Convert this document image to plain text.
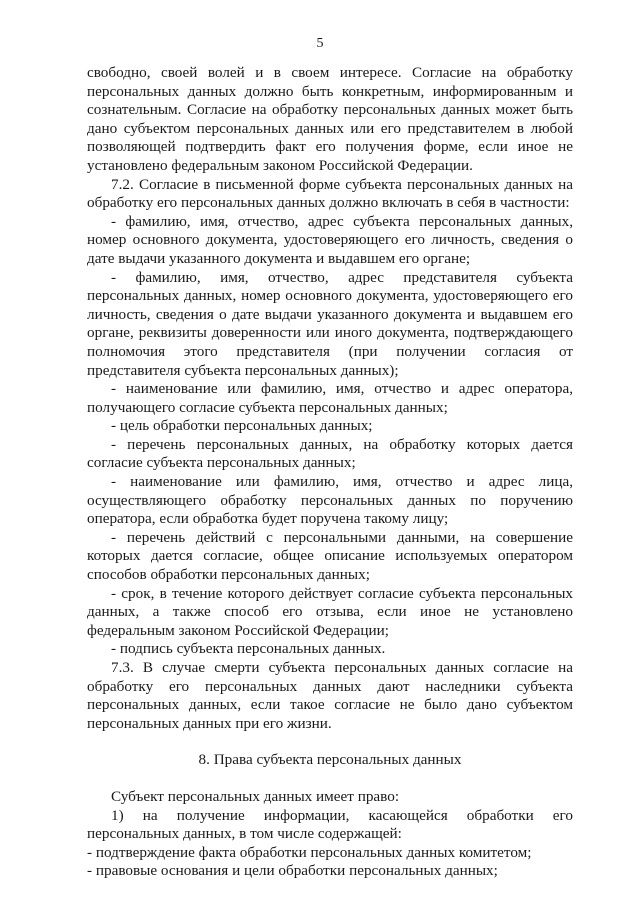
5

свободно, своей волей и в своем интересе. Согласие на обработку персональных данных должно быть конкретным, информированным и сознательным. Согласие на обработку персональных данных может быть дано субъектом персональных данных или его представителем в любой позволяющей подтвердить факт его получения форме, если иное не установлено федеральным законом Российской Федерации.

7.2. Согласие в письменной форме субъекта персональных данных на обработку его персональных данных должно включать в себя в частности:

- фамилию, имя, отчество, адрес субъекта персональных данных, номер основного документа, удостоверяющего его личность, сведения о дате выдачи указанного документа и выдавшем его органе;

- фамилию, имя, отчество, адрес представителя субъекта персональных данных, номер основного документа, удостоверяющего его личность, сведения о дате выдачи указанного документа и выдавшем его органе, реквизиты доверенности или иного документа, подтверждающего полномочия этого представителя (при получении согласия от представителя субъекта персональных данных);

- наименование или фамилию, имя, отчество и адрес оператора, получающего согласие субъекта персональных данных;

- цель обработки персональных данных;

- перечень персональных данных, на обработку которых дается согласие субъекта персональных данных;

- наименование или фамилию, имя, отчество и адрес лица, осуществляющего обработку персональных данных по поручению оператора, если обработка будет поручена такому лицу;

- перечень действий с персональными данными, на совершение которых дается согласие, общее описание используемых оператором способов обработки персональных данных;

- срок, в течение которого действует согласие субъекта персональных данных, а также способ его отзыва, если иное не установлено федеральным законом Российской Федерации;

- подпись субъекта персональных данных.

7.3. В случае смерти субъекта персональных данных согласие на обработку его персональных данных дают наследники субъекта персональных данных, если такое согласие не было дано субъектом персональных данных при его жизни.

8. Права субъекта персональных данных

Субъект персональных данных имеет право:

1) на получение информации, касающейся обработки его персональных данных, в том числе содержащей:

- подтверждение факта обработки персональных данных комитетом;

- правовые основания и цели обработки персональных данных;
